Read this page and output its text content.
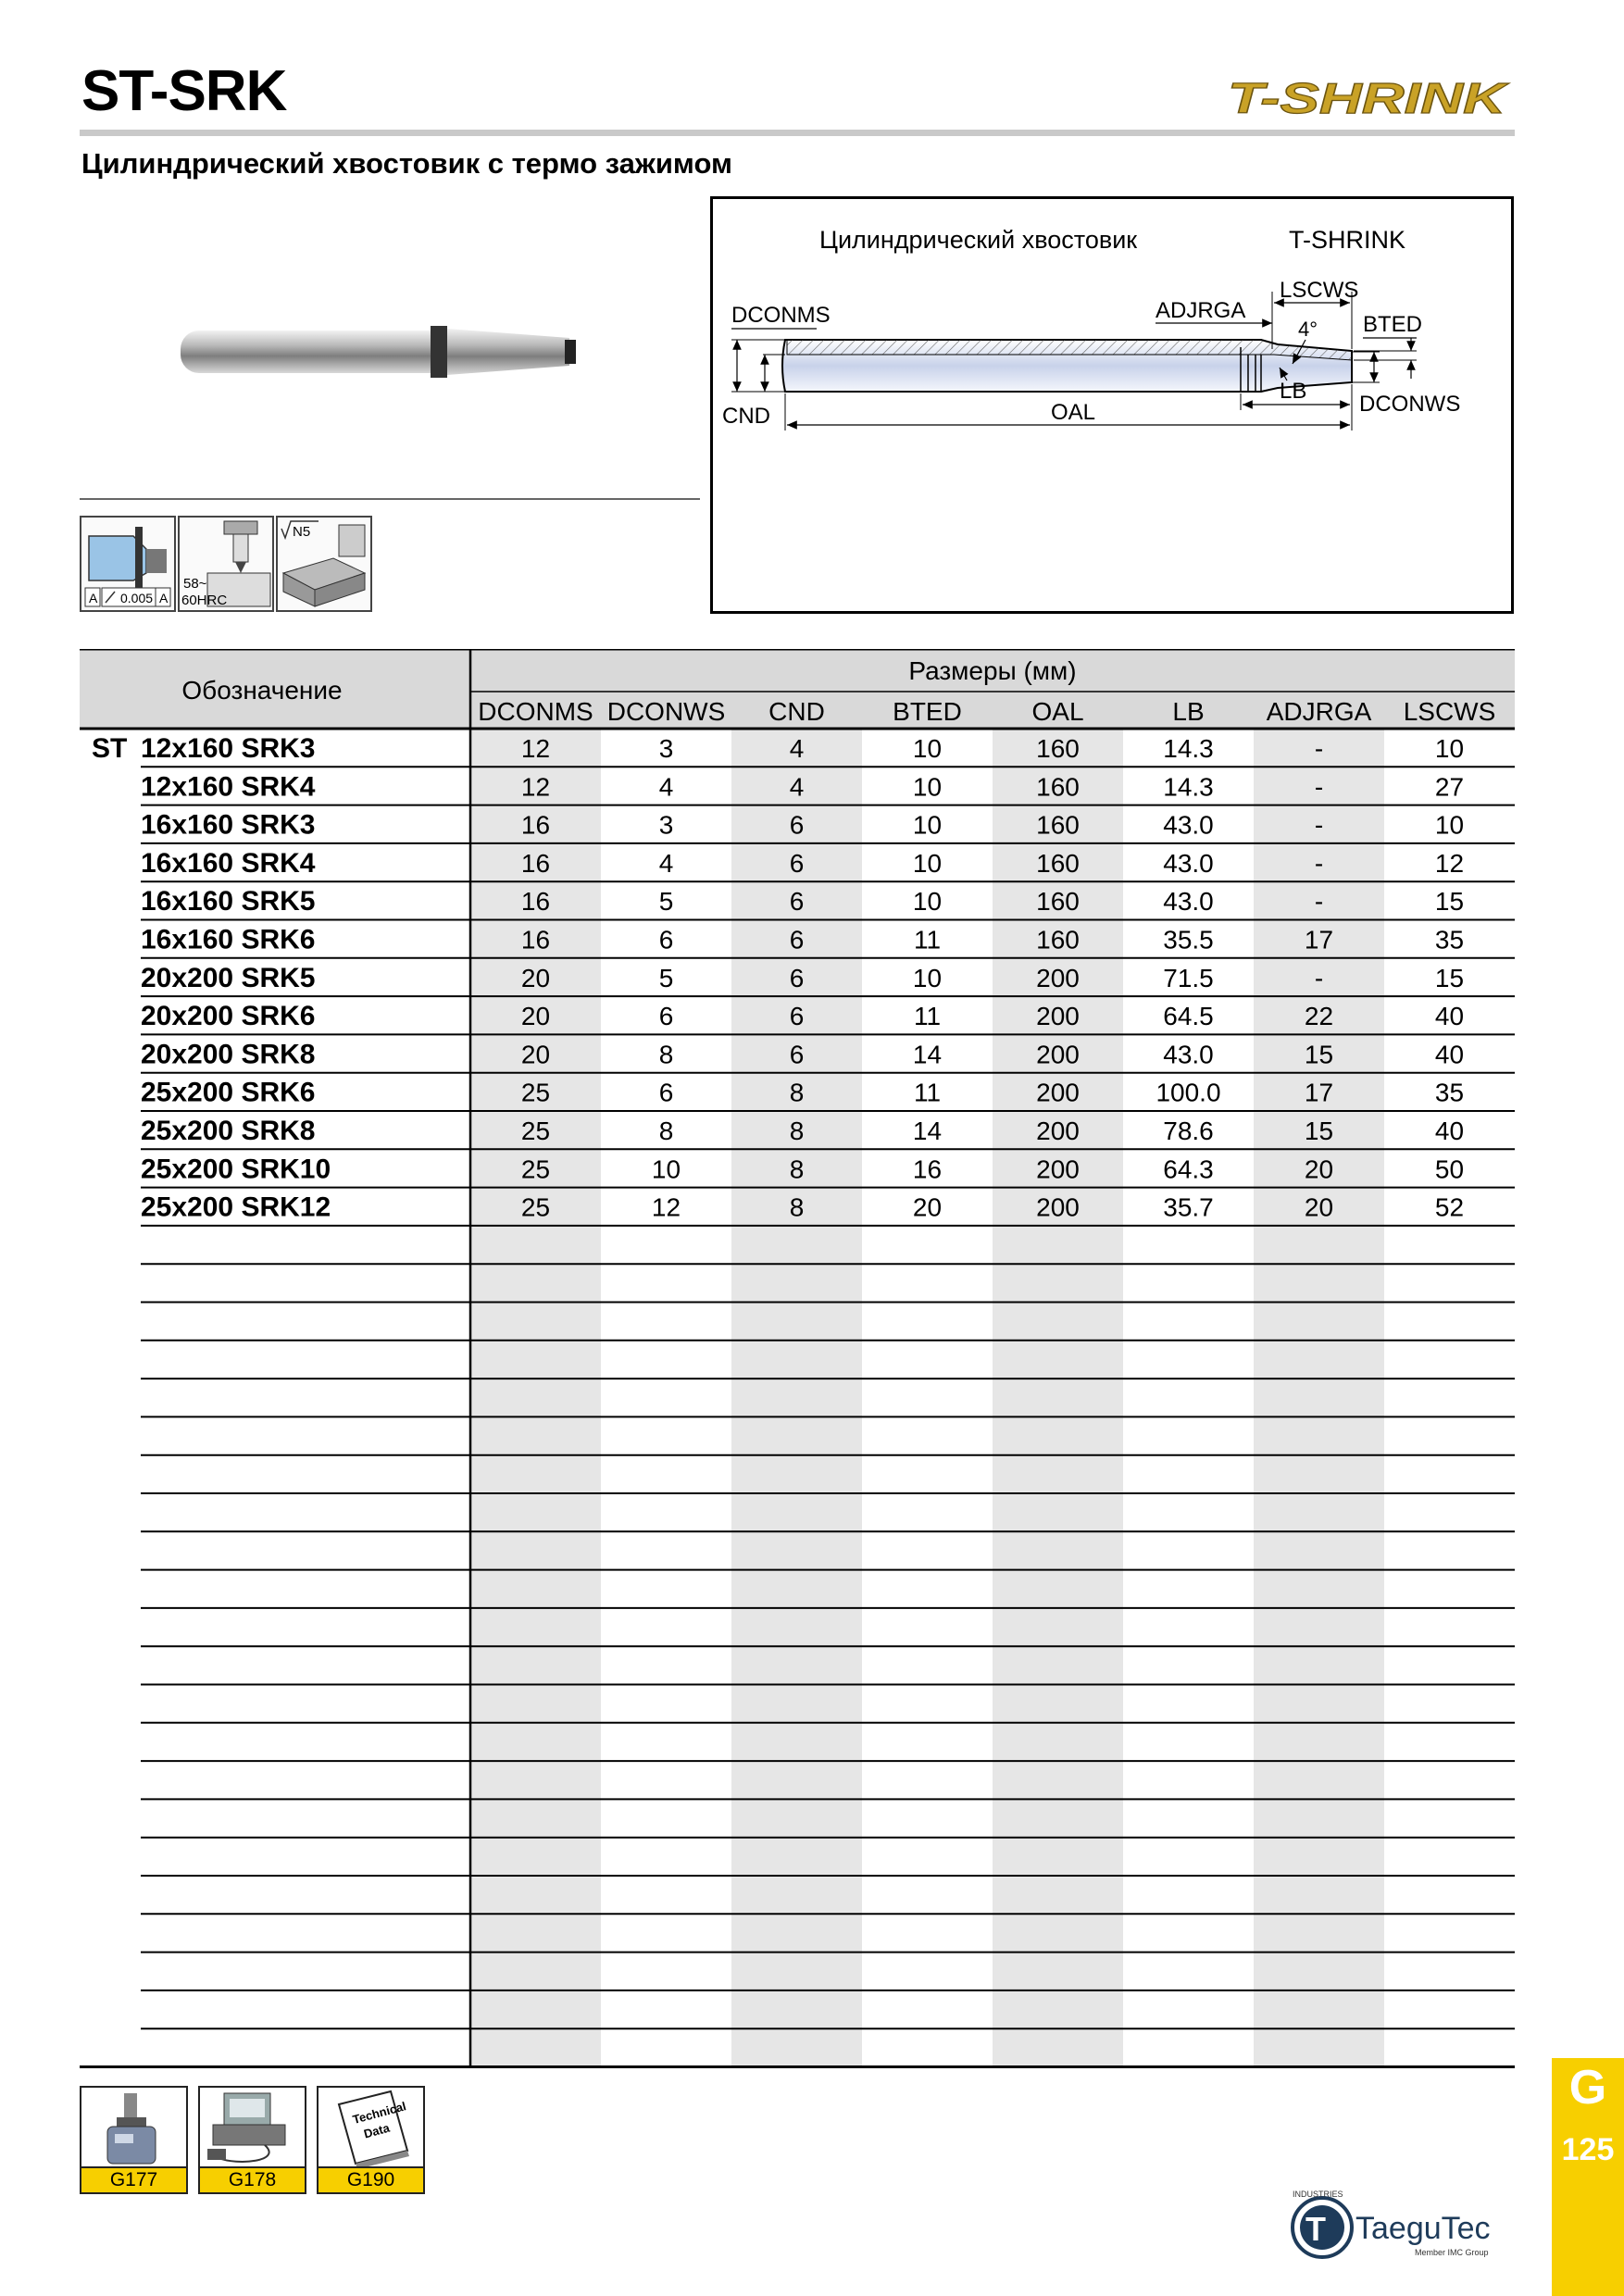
ST-SRK
Цилиндрический хвостовик с термо зажимом
T-SHRINK
A 0.005 A
58~
60HRC
N5
Цилиндрический хвостовик	T-SHRINK
DCONMS
CND	OAL
LB
DCONWS
BTED
LSCWS
ADJRGA
4°
Обозначение
Размеры (мм)
DCONMS DCONWS CND	BTED	OAL	LB ADJRGA LSCWS
12x160 SRK3	12	3	4	10	160	14.3	-	10
12x160 SRK4	12	4	4	10	160	14.3	-	27
16x160 SRK3	16	3	6	10	160	43.0	-	10
16x160 SRK4	16	4	6	10	160	43.0	-	12
16x160 SRK5	16	5	6	10	160	43.0	-	15
16x160 SRK6	16	6	6	11	160	35.5	17	35
20x200 SRK5	20	5	6	10	200	71.5	-	15
20x200 SRK6	20	6	6	11	200	64.5	22	40
20x200 SRK8	20	8	6	14	200	43.0	15	40
25x200 SRK6	25	6	8	11	200	100.0	17	35
25x200 SRK8	25	8	8	14	200	78.6	15	40
25x200 SRK10	25	10	8	16	200	64.3	20	50
25x200 SRK12	25	12	8	20	200	35.7	20	52
ST
G177	G178
Technical
Data
G190
G
125
T
INDUSTRIES
TaeguTec
Member IMC Group
